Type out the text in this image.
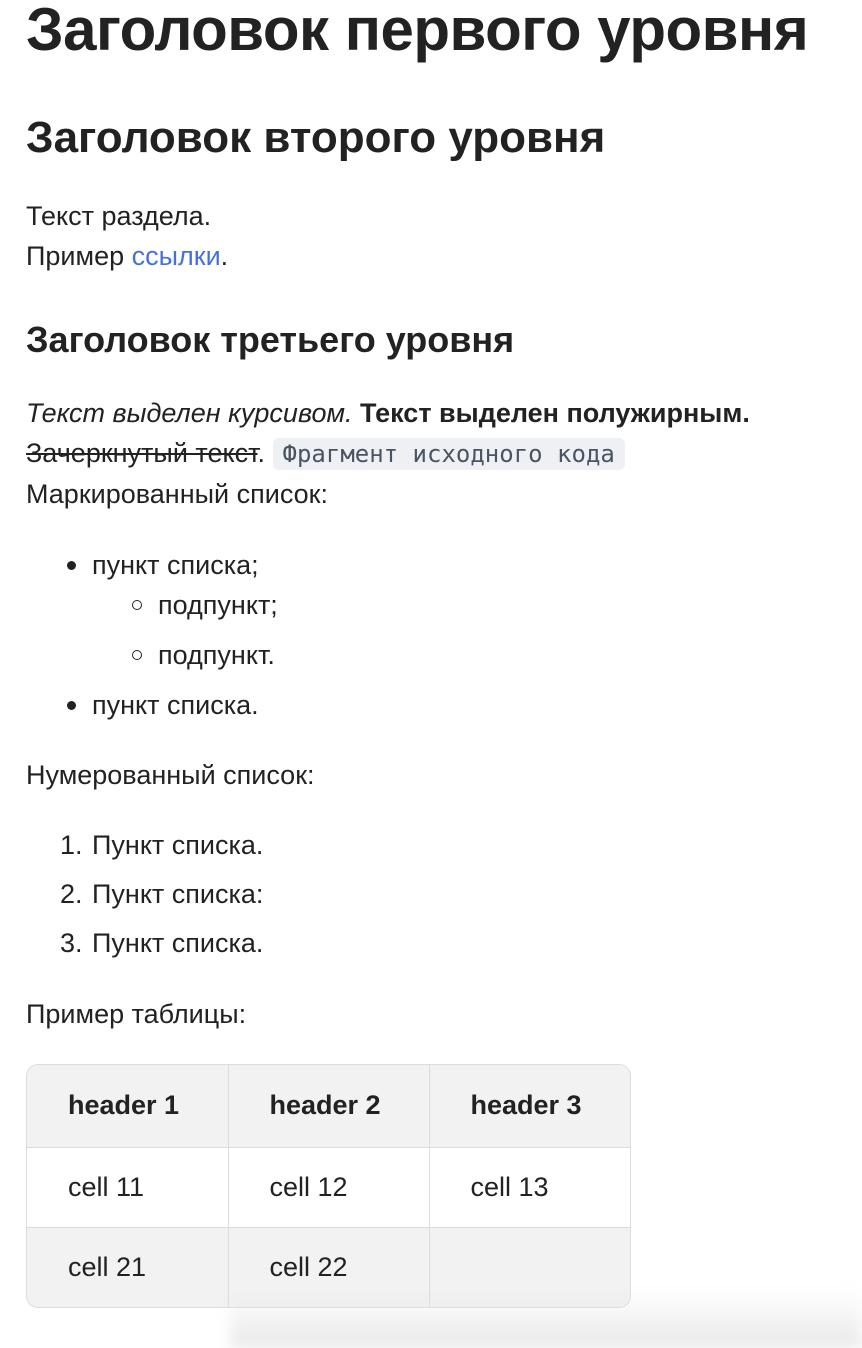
Заголовок первого уровня
Заголовок второго уровня
Текст раздела.
Пример ссылки.
Заголовок третьего уровня
Текст выделен курсивом. Текст выделен полужирным.
Зачеркнутый текст. Фрагмент исходного кода
Маркированный список:
пункт списка;
подпункт;
подпункт.
пункт списка.
Нумерованный список:
1. Пункт списка.
2. Пункт списка:
3. Пункт списка.
Пример таблицы:
header 1	header 2	header 3
cell 11	cell 12	cell 13
cell 21	cell 22	
